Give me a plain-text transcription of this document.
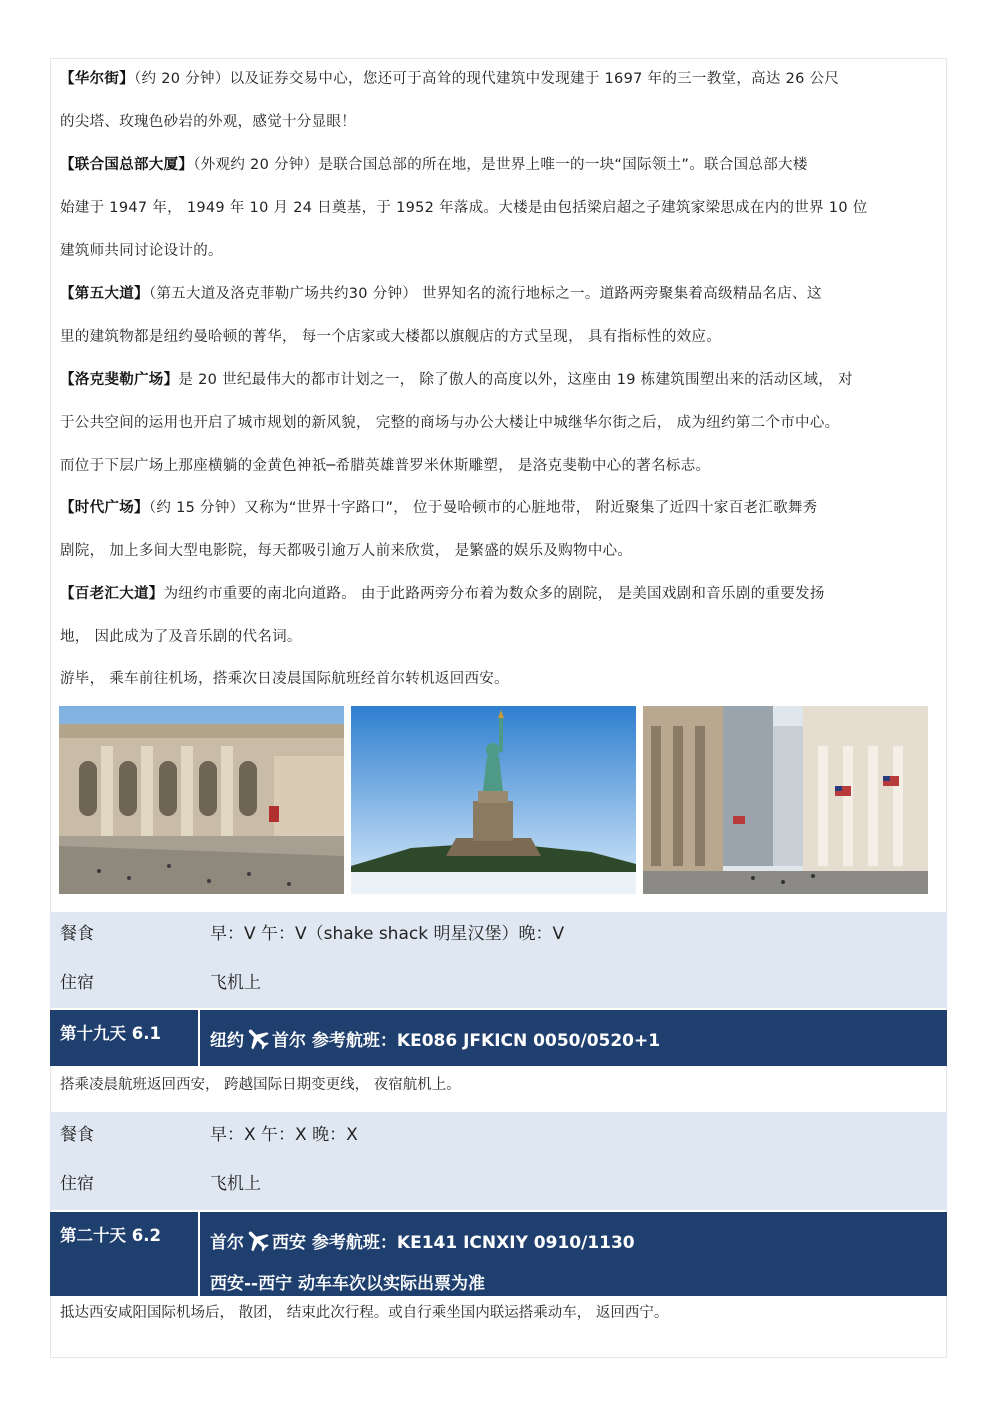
【华尔街】（约 20 分钟）以及证券交易中心，您还可于高耸的现代建筑中发现建于 1697 年的三一教堂，高达 26 公尺
的尖塔、玫瑰色砂岩的外观，感觉十分显眼！

【联合国总部大厦】（外观约 20 分钟）是联合国总部的所在地，是世界上唯一的一块“国际领土”。联合国总部大楼
始建于 1947 年， 1949 年 10 月 24 日奠基，于 1952 年落成。大楼是由包括梁启超之子建筑家梁思成在内的世界 10 位
建筑师共同讨论设计的。

【第五大道】（第五大道及洛克菲勒广场共约30 分钟） 世界知名的流行地标之一。道路两旁聚集着高级精品名店、这
里的建筑物都是纽约曼哈顿的菁华， 每一个店家或大楼都以旗舰店的方式呈现， 具有指标性的效应。

【洛克斐勒广场】是 20 世纪最伟大的都市计划之一， 除了傲人的高度以外，这座由 19 栋建筑围塑出来的活动区域， 对
于公共空间的运用也开启了城市规划的新风貌， 完整的商场与办公大楼让中城继华尔街之后， 成为纽约第二个市中心。
而位于下层广场上那座横躺的金黄色神祇─希腊英雄普罗米休斯雕塑， 是洛克斐勒中心的著名标志。

【时代广场】（约 15 分钟）又称为“世界十字路口”， 位于曼哈顿市的心脏地带， 附近聚集了近四十家百老汇歌舞秀
剧院， 加上多间大型电影院，每天都吸引逾万人前来欣赏， 是繁盛的娱乐及购物中心。

【百老汇大道】为纽约市重要的南北向道路。 由于此路两旁分布着为数众多的剧院， 是美国戏剧和音乐剧的重要发扬
地， 因此成为了及音乐剧的代名词。

游毕， 乘车前往机场，搭乘次日凌晨国际航班经首尔转机返回西安。

餐食	早：V 午：V（shake shack 明星汉堡）晚：V
住宿	飞机上
第十九天 6.1	纽约 首尔 参考航班：KE086 JFKICN 0050/0520+1
搭乘凌晨航班返回西安， 跨越国际日期变更线， 夜宿航机上。
餐食	早：X 午：X 晚：X
住宿	飞机上
第二十天 6.2	首尔 西安 参考航班：KE141 ICNXIY 0910/1130
西安--西宁 动车车次以实际出票为准
抵达西安咸阳国际机场后， 散团， 结束此次行程。或自行乘坐国内联运搭乘动车， 返回西宁。
